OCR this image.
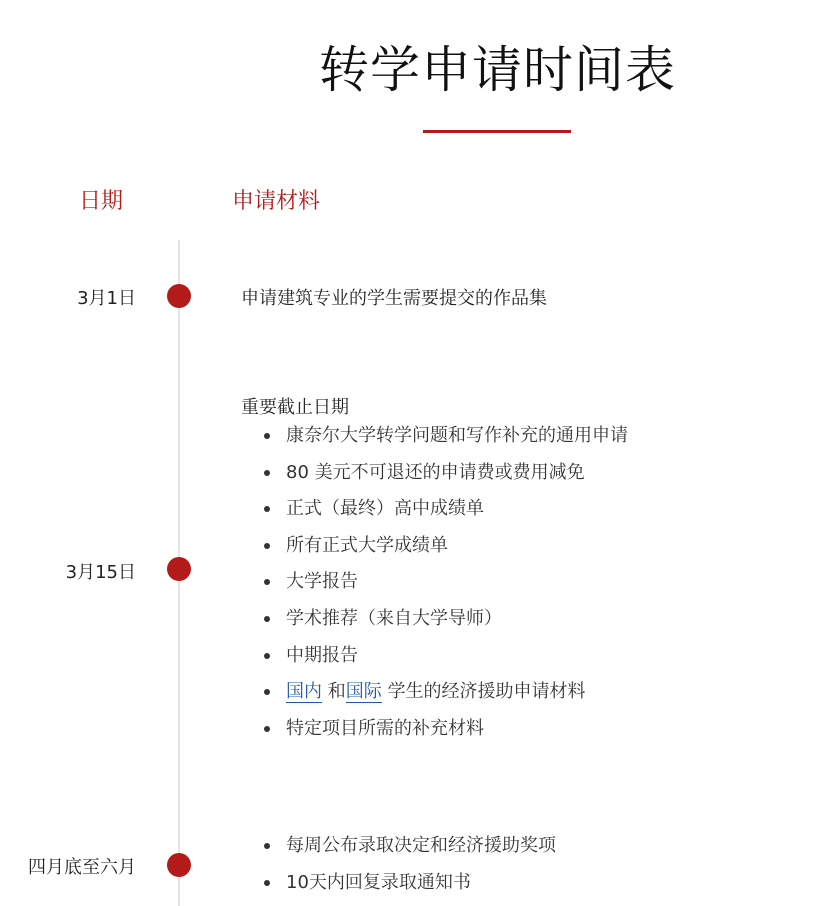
转学申请时间表
日期	申请材料
3月1日	申请建筑专业的学生需要提交的作品集
3月15日
重要截止日期
康奈尔大学转学问题和写作补充的通用申请
80 美元不可退还的申请费或费用减免
正式（最终）高中成绩单
所有正式大学成绩单
大学报告
学术推荐（来自大学导师）
中期报告
国内 和国际 学生的经济援助申请材料
特定项目所需的补充材料
四月底至六月
每周公布录取决定和经济援助奖项
10天内回复录取通知书
